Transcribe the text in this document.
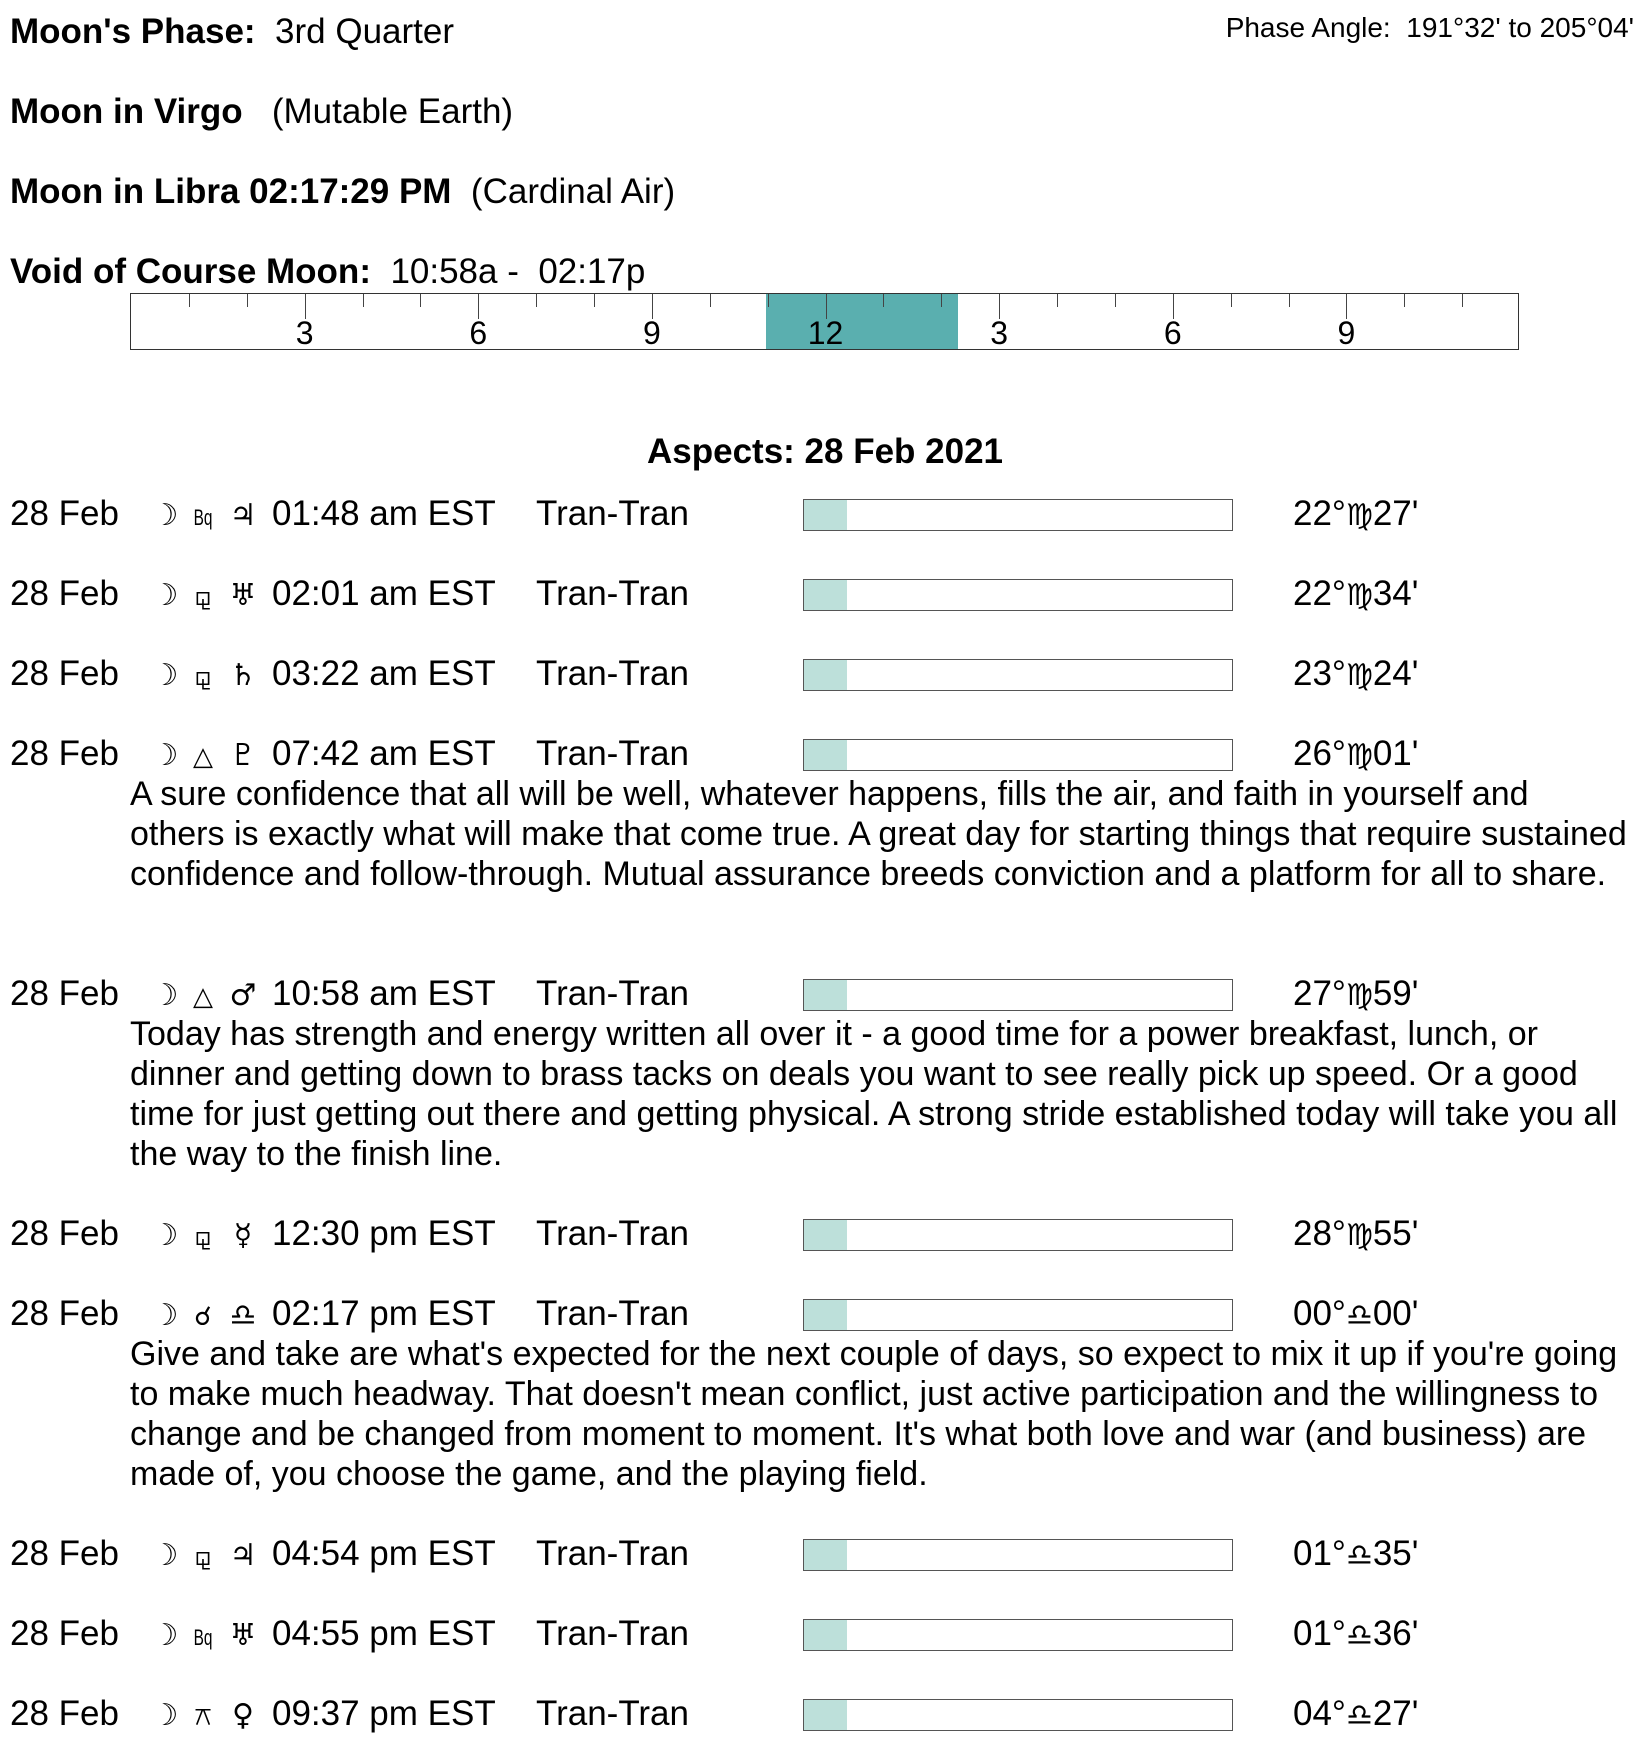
Moon's Phase: 3rd Quarter	Phase Angle: 191°32' to 205°04'
Moon in Virgo (Mutable Earth)
Moon in Libra 02:17:29 PM (Cardinal Air)
Void of Course Moon: 10:58a -  02:17p
3	6	9	12	3	6	9
Aspects: 28 Feb 2021
28 Feb ☽ Bq ♃ 01:48 am EST Tran-Tran	22°♍27'
28 Feb ☽ ⚼ ♅ 02:01 am EST Tran-Tran	22°♍34'
28 Feb ☽ ⚼ ♄ 03:22 am EST Tran-Tran	23°♍24'
28 Feb ☽ △ ♇ 07:42 am EST Tran-Tran	26°♍01'
A sure confidence that all will be well, whatever happens, fills the air, and faith in yourself and others is exactly what will make that come true. A great day for starting things that require sustained confidence and follow-through. Mutual assurance breeds conviction and a platform for all to share.
28 Feb ☽ △ ♂ 10:58 am EST Tran-Tran	27°♍59'
Today has strength and energy written all over it - a good time for a power breakfast, lunch, or dinner and getting down to brass tacks on deals you want to see really pick up speed. Or a good time for just getting out there and getting physical. A strong stride established today will take you all the way to the finish line.
28 Feb ☽ ⚼ ☿ 12:30 pm EST Tran-Tran	28°♍55'
28 Feb ☽ ☌ ♎ 02:17 pm EST Tran-Tran	00°♎00'
Give and take are what's expected for the next couple of days, so expect to mix it up if you're going to make much headway. That doesn't mean conflict, just active participation and the willingness to change and be changed from moment to moment. It's what both love and war (and business) are made of, you choose the game, and the playing field.
28 Feb ☽ ⚼ ♃ 04:54 pm EST Tran-Tran	01°♎35'
28 Feb ☽ Bq ♅ 04:55 pm EST Tran-Tran	01°♎36'
28 Feb ☽ ⚻ ♀ 09:37 pm EST Tran-Tran	04°♎27'
